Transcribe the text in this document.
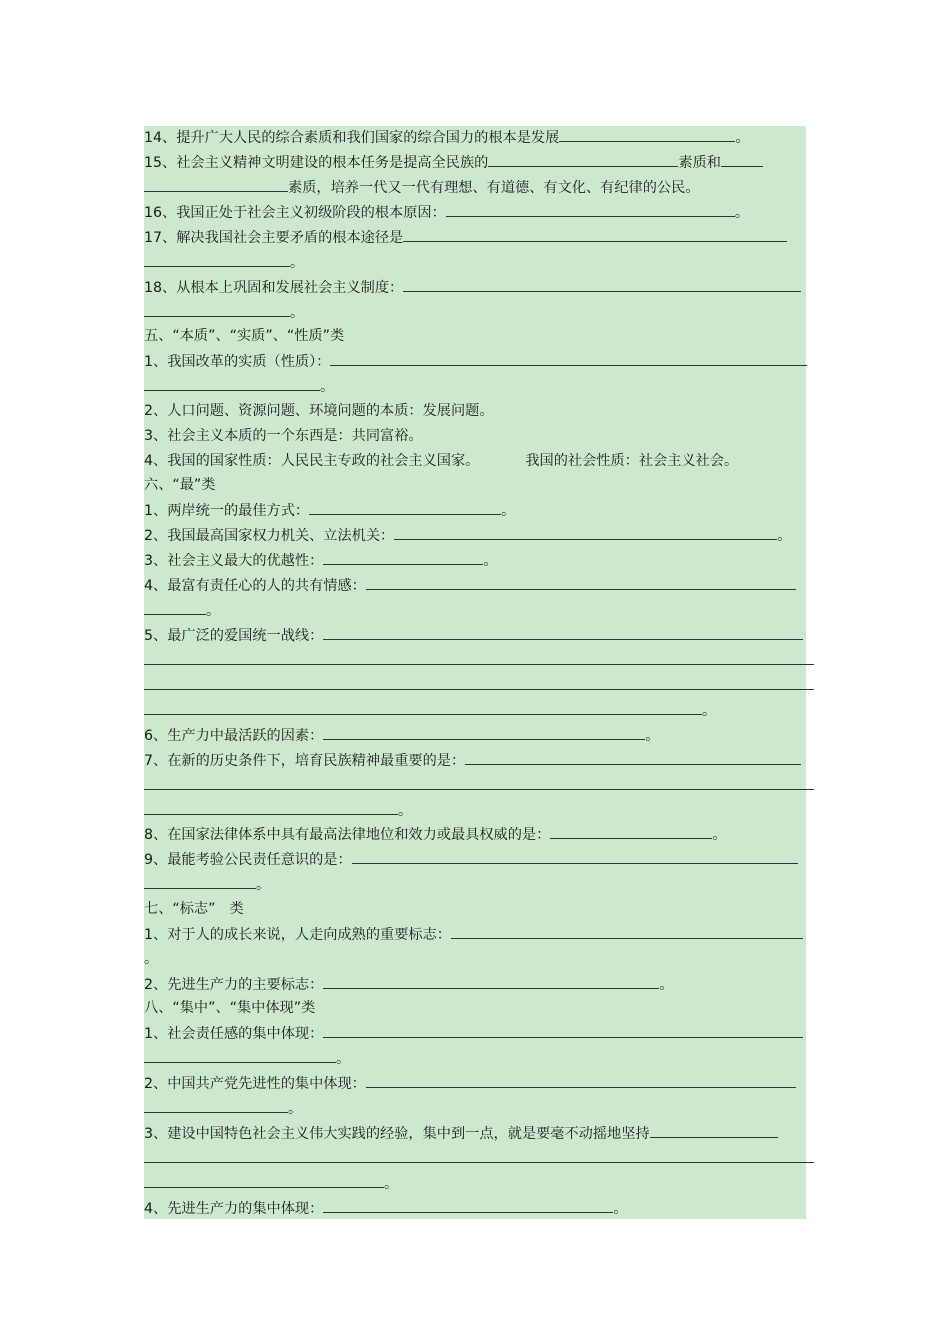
14、提升广大人民的综合素质和我们国家的综合国力的根本是发展	。
15、社会主义精神文明建设的根本任务是提高全民族的	素质和
素质，培养一代又一代有理想、有道德、有文化、有纪律的公民。
16、我国正处于社会主义初级阶段的根本原因：	。
17、解决我国社会主要矛盾的根本途径是
。
18、从根本上巩固和发展社会主义制度：
。
五、“本质”、“实质”、“性质”类
1、我国改革的实质（性质）：
。
2、人口问题、资源问题、环境问题的本质：发展问题。
3、社会主义本质的一个东西是：共同富裕。
4、我国的国家性质：人民民主专政的社会主义国家。	我国的社会性质：社会主义社会。
六、“最”类
1、两岸统一的最佳方式：	。
2、我国最高国家权力机关、立法机关：	。
3、社会主义最大的优越性：	。
4、最富有责任心的人的共有情感：
。
5、最广泛的爱国统一战线：
。
6、生产力中最活跃的因素：	。
7、在新的历史条件下，培育民族精神最重要的是：
。
8、在国家法律体系中具有最高法律地位和效力或最具权威的是：	。
9、最能考验公民责任意识的是：
。
七、“标志” 类
1、对于人的成长来说，人走向成熟的重要标志：
。
2、先进生产力的主要标志：	。
八、“集中”、“集中体现”类
1、社会责任感的集中体现：
。
2、中国共产党先进性的集中体现：
。
3、建设中国特色社会主义伟大实践的经验，集中到一点，就是要毫不动摇地坚持
。
4、先进生产力的集中体现：	。
